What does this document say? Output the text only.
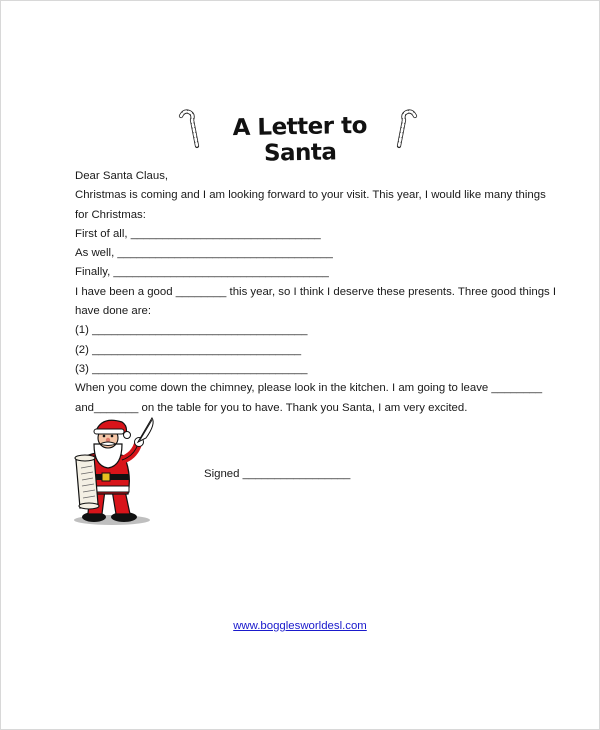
A Letter to Santa
Dear Santa Claus,
Christmas is coming and I am looking forward to your visit. This year, I would like many things
for Christmas:
First of all, ______________________________
As well, __________________________________
Finally, __________________________________
I have been a good ________ this year, so I think I deserve these presents. Three good things I
have done are:
(1) __________________________________
(2) _________________________________
(3) __________________________________
When you come down the chimney, please look in the kitchen. I am going to leave ________
and_______ on the table for you to have. Thank you Santa, I am very excited.
Signed _________________
www.bogglesworldesl.com
